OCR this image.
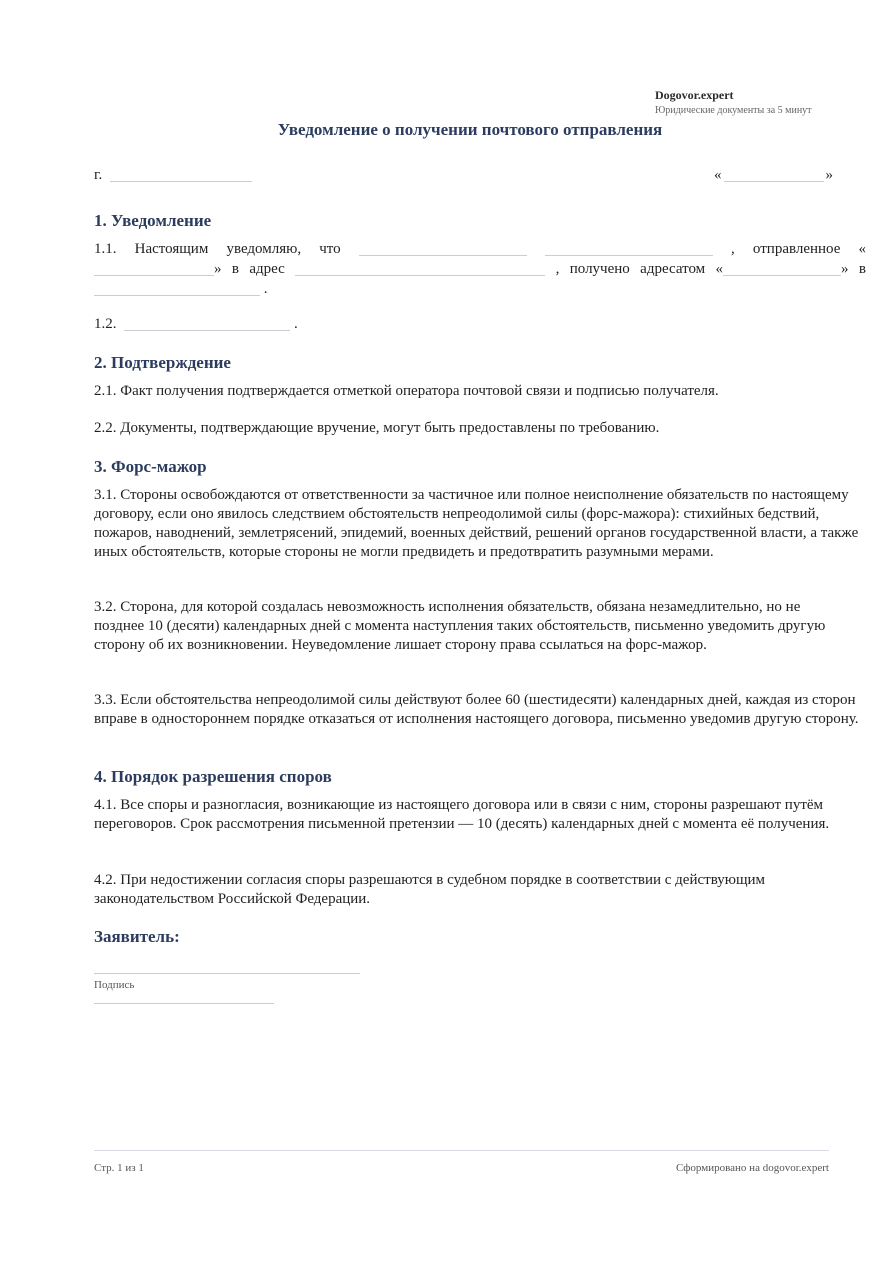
Dogovor.expert
Юридические документы за 5 минут
Уведомление о получении почтового отправления
г.	«	»
1. Уведомление
1.1. Настоящим уведомляю, что	, отправленное «
» в адрес	, получено адресатом «	» в
.
1.2.	.
2. Подтверждение

2.1. Факт получения подтверждается отметкой оператора почтовой связи и подписью получателя.

2.2. Документы, подтверждающие вручение, могут быть предоставлены по требованию.

3. Форс-мажор

3.1. Стороны освобождаются от ответственности за частичное или полное неисполнение обязательств по настоящему договору, если оно явилось следствием обстоятельств непреодолимой силы (форс-мажора): стихийных бедствий, пожаров, наводнений, землетрясений, эпидемий, военных действий, решений органов государственной власти, а также иных обстоятельств, которые стороны не могли предвидеть и предотвратить разумными мерами.

3.2. Сторона, для которой создалась невозможность исполнения обязательств, обязана незамедлительно, но не позднее 10 (десяти) календарных дней с момента наступления таких обстоятельств, письменно уведомить другую сторону об их возникновении. Неуведомление лишает сторону права ссылаться на форс-мажор.

3.3. Если обстоятельства непреодолимой силы действуют более 60 (шестидесяти) календарных дней, каждая из сторон вправе в одностороннем порядке отказаться от исполнения настоящего договора, письменно уведомив другую сторону.

4. Порядок разрешения споров

4.1. Все споры и разногласия, возникающие из настоящего договора или в связи с ним, стороны разрешают путём переговоров. Срок рассмотрения письменной претензии — 10 (десять) календарных дней с момента её получения.

4.2. При недостижении согласия споры разрешаются в судебном порядке в соответствии с действующим законодательством Российской Федерации.

Заявитель:
Подпись
Стр. 1 из 1	Сформировано на dogovor.expert
